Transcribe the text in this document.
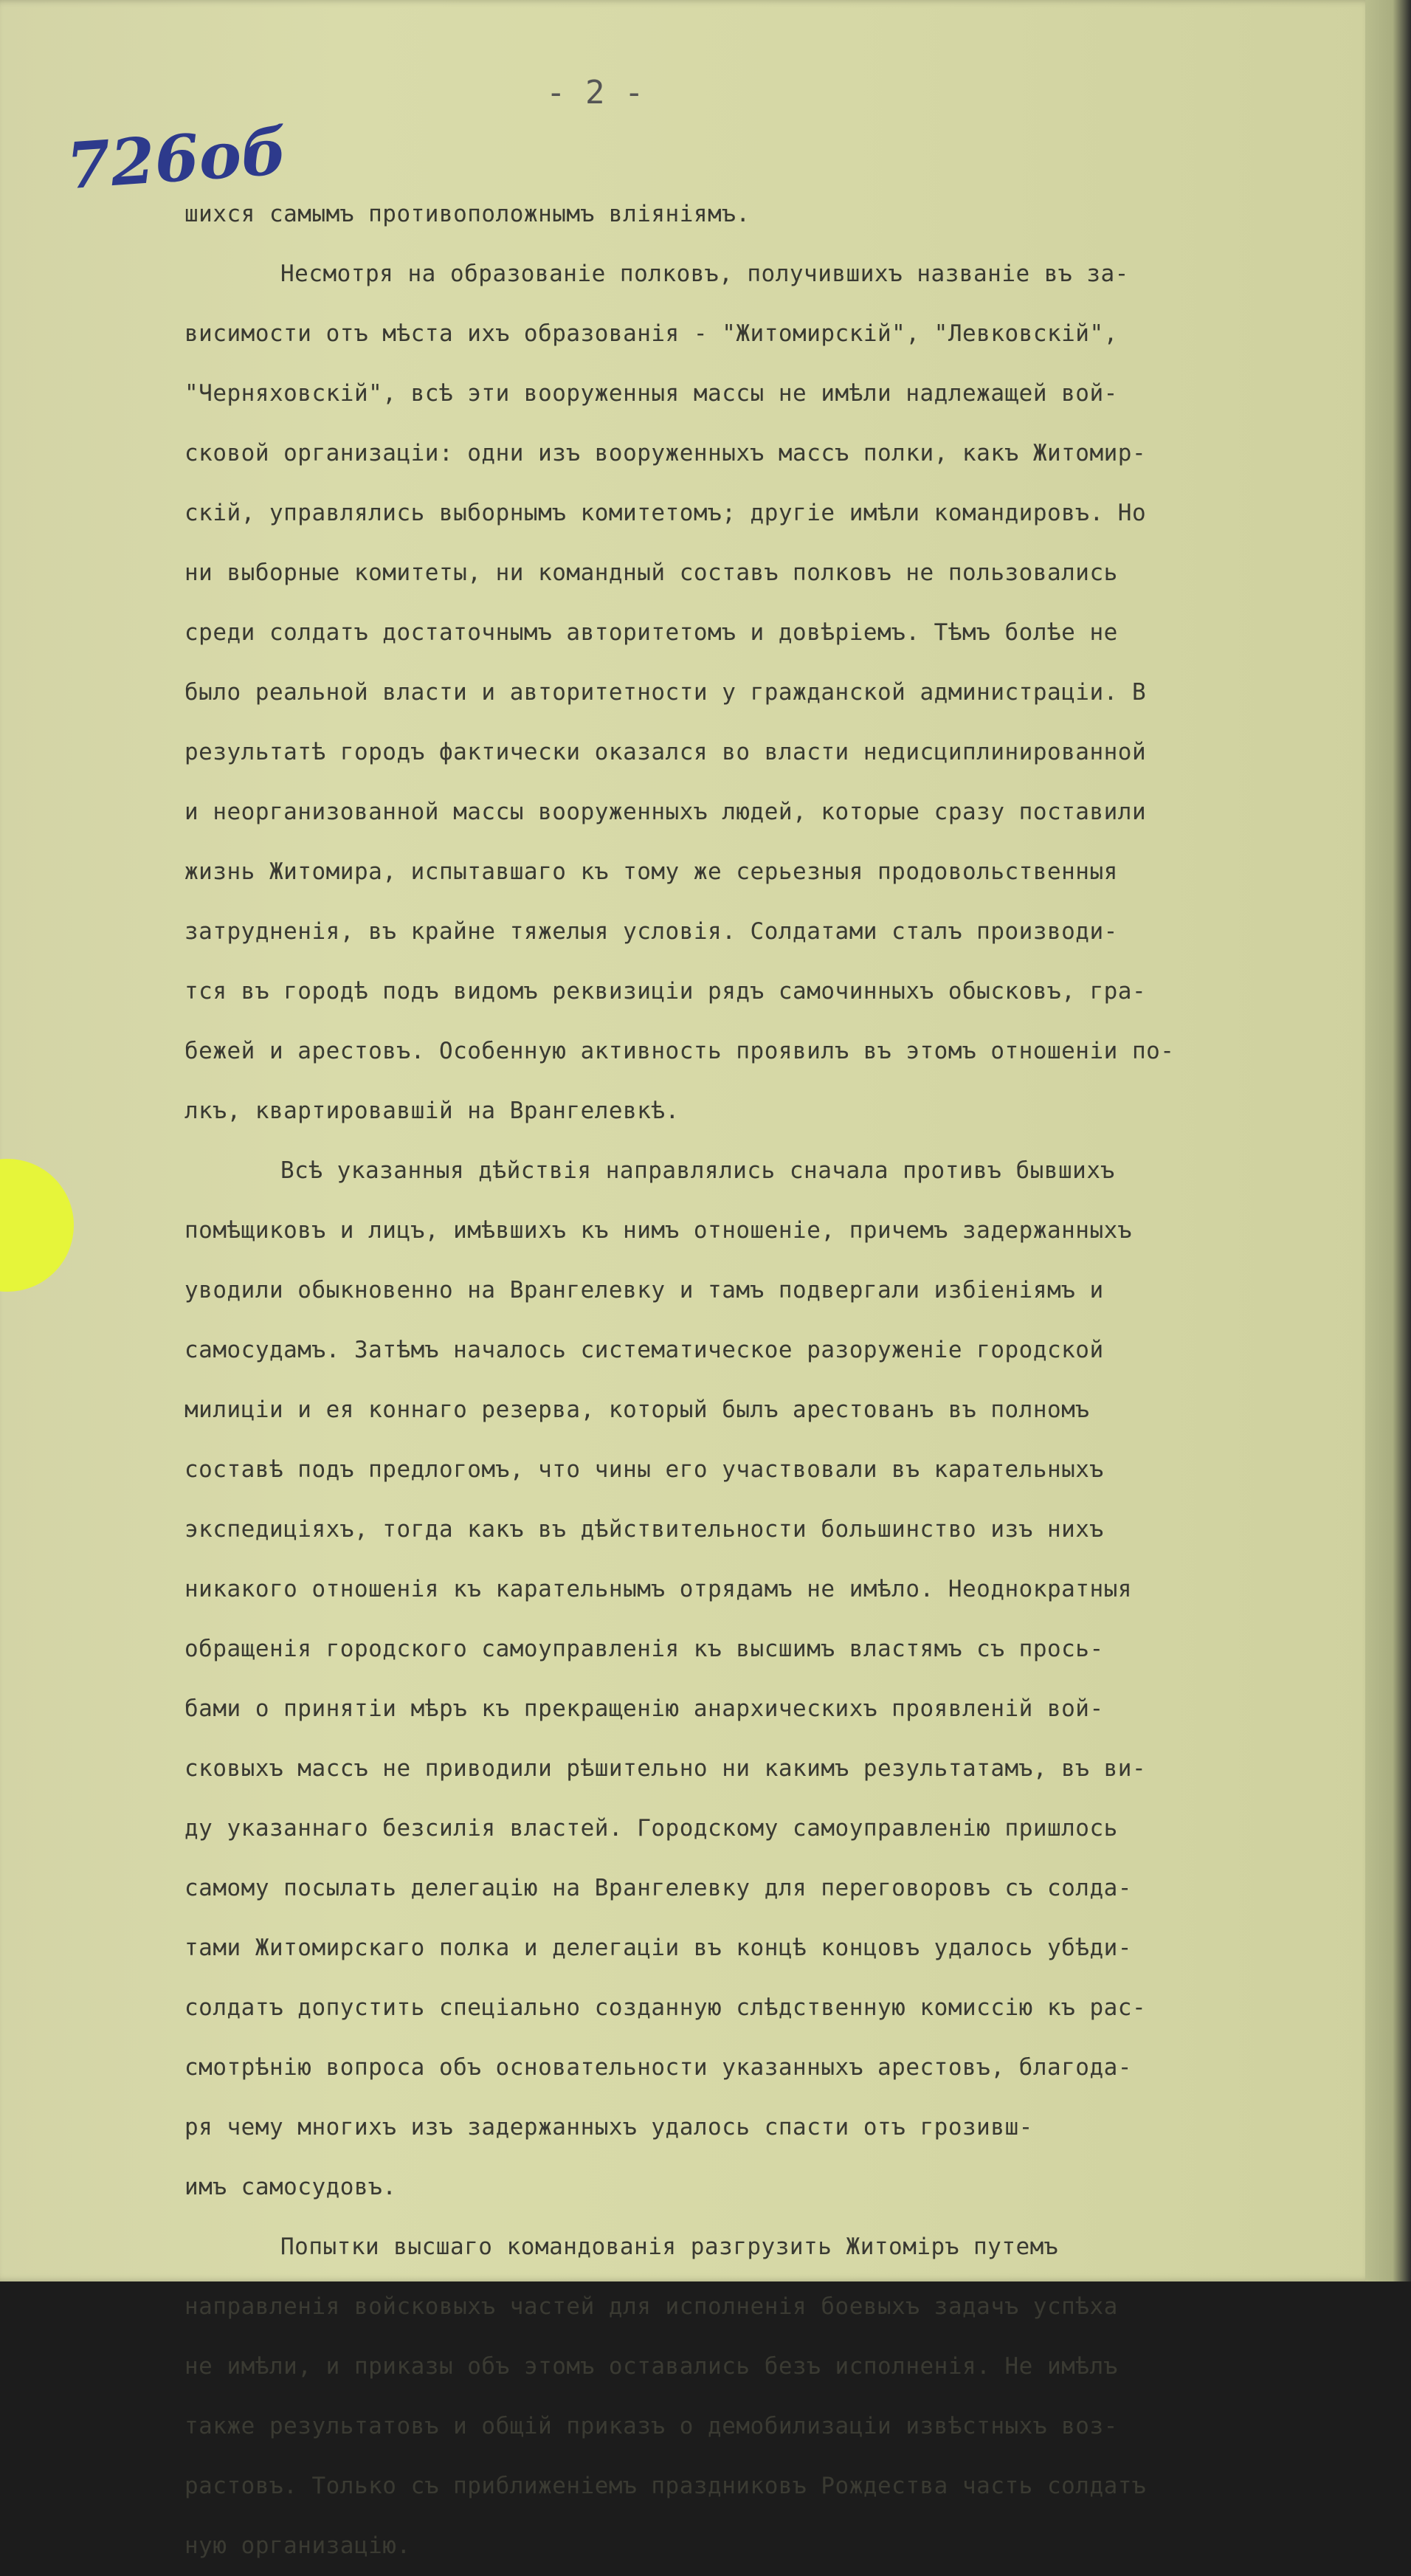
- 2 -
726об
шихся самымъ противоположнымъ вліяніямъ.
Несмотря на образованіе полковъ, получившихъ названіе въ за-
висимости отъ мѣста ихъ образованія - "Житомирскій", "Левковскій",
"Черняховскій", всѣ эти вооруженныя массы не имѣли надлежащей вой-
сковой организаціи: одни изъ вооруженныхъ массъ полки, какъ Житомир-
скій, управлялись выборнымъ комитетомъ; другіе имѣли командировъ. Но
ни выборные комитеты, ни командный составъ полковъ не пользовались
среди солдатъ достаточнымъ авторитетомъ и довѣріемъ. Тѣмъ болѣе не
было реальной власти и авторитетности у гражданской администраціи. В
результатѣ городъ фактически оказался во власти недисциплинированной
и неорганизованной массы вооруженныхъ людей, которые сразу поставили
жизнь Житомира, испытавшаго къ тому же серьезныя продовольственныя
затрудненія, въ крайне тяжелыя условія. Солдатами сталъ производи-
тся въ городѣ подъ видомъ реквизиціи рядъ самочинныхъ обысковъ, гра-
бежей и арестовъ. Особенную активность проявилъ въ этомъ отношеніи по-
лкъ, квартировавшій на Врангелевкѣ.
Всѣ указанныя дѣйствія направлялись сначала противъ бывшихъ
помѣщиковъ и лицъ, имѣвшихъ къ нимъ отношеніе, причемъ задержанныхъ
уводили обыкновенно на Врангелевку и тамъ подвергали избіеніямъ и
самосудамъ. Затѣмъ началось систематическое разоруженіе городской
милиціи и ея коннаго резерва, который былъ арестованъ въ полномъ
составѣ подъ предлогомъ, что чины его участвовали въ карательныхъ
экспедиціяхъ, тогда какъ въ дѣйствительности большинство изъ нихъ
никакого отношенія къ карательнымъ отрядамъ не имѣло. Неоднократныя
обращенія городского самоуправленія къ высшимъ властямъ съ прось-
бами о принятіи мѣръ къ прекращенію анархическихъ проявленій вой-
сковыхъ массъ не приводили рѣшительно ни какимъ результатамъ, въ ви-
ду указаннаго безсилія властей. Городскому самоуправленію пришлось
самому посылать делегацію на Врангелевку для переговоровъ съ солда-
тами Житомирскаго полка и делегаціи въ концѣ концовъ удалось убѣди-
солдатъ допустить спеціально созданную слѣдственную комиссію къ рас-
смотрѣнію вопроса объ основательности указанныхъ арестовъ, благода-
ря чему многихъ изъ задержанныхъ удалось спасти отъ грозивш-
имъ самосудовъ.
Попытки высшаго командованія разгрузить Житоміръ путемъ
направленія войсковыхъ частей для исполненія боевыхъ задачъ успѣха
не имѣли, и приказы объ этомъ оставались безъ исполненія. Не имѣлъ
также результатовъ и общій приказъ о демобилизаціи извѣстныхъ воз-
растовъ. Только съ приближеніемъ праздниковъ Рождества часть солдатъ
ную организацію.
